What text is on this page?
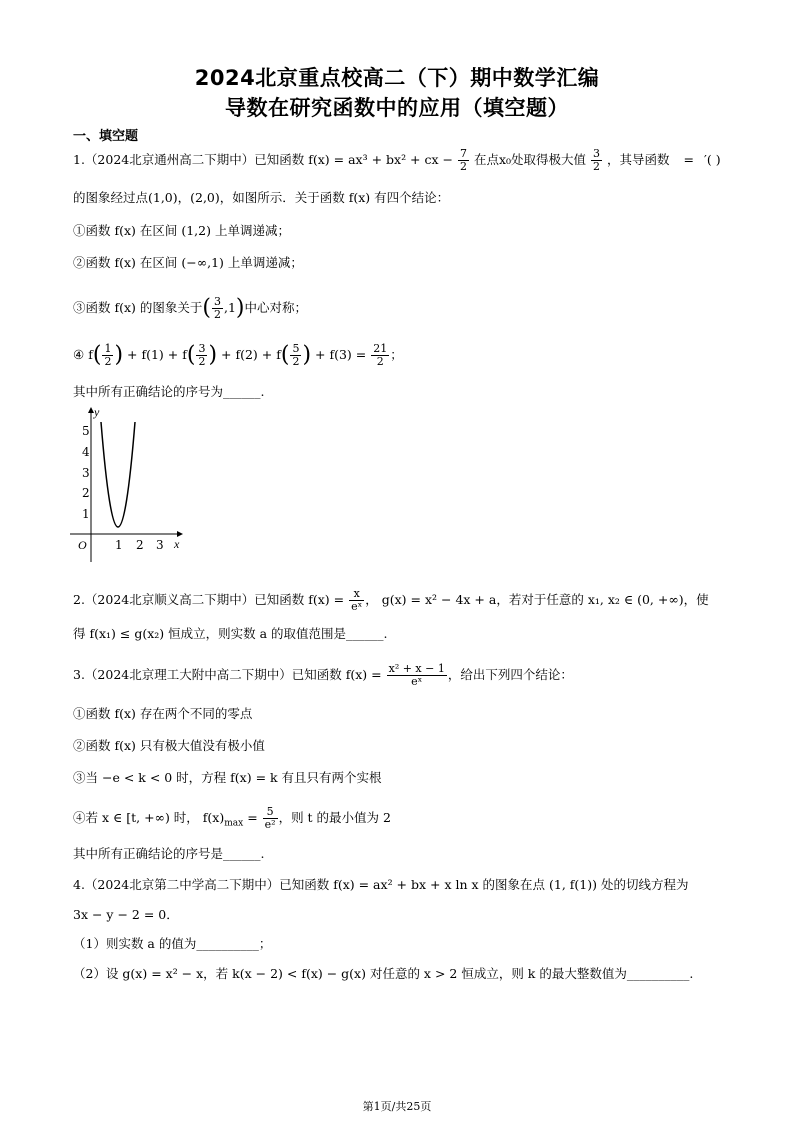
2024北京重点校高二（下）期中数学汇编
导数在研究函数中的应用（填空题）
一、填空题
1.（2024北京通州高二下期中）已知函数 f(x) = ax³ + bx² + cx − $\frac{7}{2}$ 在点x₀处取得极大值 $\frac{3}{2}$ ，其导函数 = ′( )
的图象经过点(1,0)，(2,0)，如图所示．关于函数 f(x) 有四个结论：
①函数 f(x) 在区间 (1,2) 上单调递减；
②函数 f(x) 在区间 (−∞,1) 上单调递减；
③函数 f(x) 的图象关于( $\frac{3}{2} ,1$)中心对称；
④ $f( \frac{1}{2}$ ) + $f(1) + f( \frac{3}{2}$ ) + $f(2) + f( \frac{5}{2}$ ) + $f(3) = \frac{21}{2}$ ；
其中所有正确结论的序号为______.
y
x
O
1
2
3
4
5
1 2 3
2.（2024北京顺义高二下期中）已知函数 $f(x) = \frac{x}{\text{eˣ}}$ ， g(x) = x² − 4x + a，若对于任意的 x₁, x₂ ∈ (0, +∞)，使
得 f(x₁) ≤ g(x₂) 恒成立，则实数 a 的取值范围是______.
3.（2024北京理工大附中高二下期中）已知函数 $f(x) = \frac{\text{x² + x − 1}}{\text{eˣ}}$ ，给出下列四个结论：
①函数 f(x) 存在两个不同的零点
②函数 f(x) 只有极大值没有极小值
③当 −e < k < 0 时，方程 f(x) = k 有且只有两个实根
④若 x ∈ [t, +∞) 时， $f(x)_{max} = \frac{5}{\text{e²}}$ ，则 t 的最小值为 2
其中所有正确结论的序号是______.
4.（2024北京第二中学高二下期中）已知函数 f(x) = ax² + bx + x ln x 的图象在点 (1, f(1)) 处的切线方程为
3x − y − 2 = 0．
（1）则实数 a 的值为__________；
（2）设 g(x) = x² − x，若 k(x − 2) < f(x) − g(x) 对任意的 x > 2 恒成立，则 k 的最大整数值为__________.
第1页/共25页
